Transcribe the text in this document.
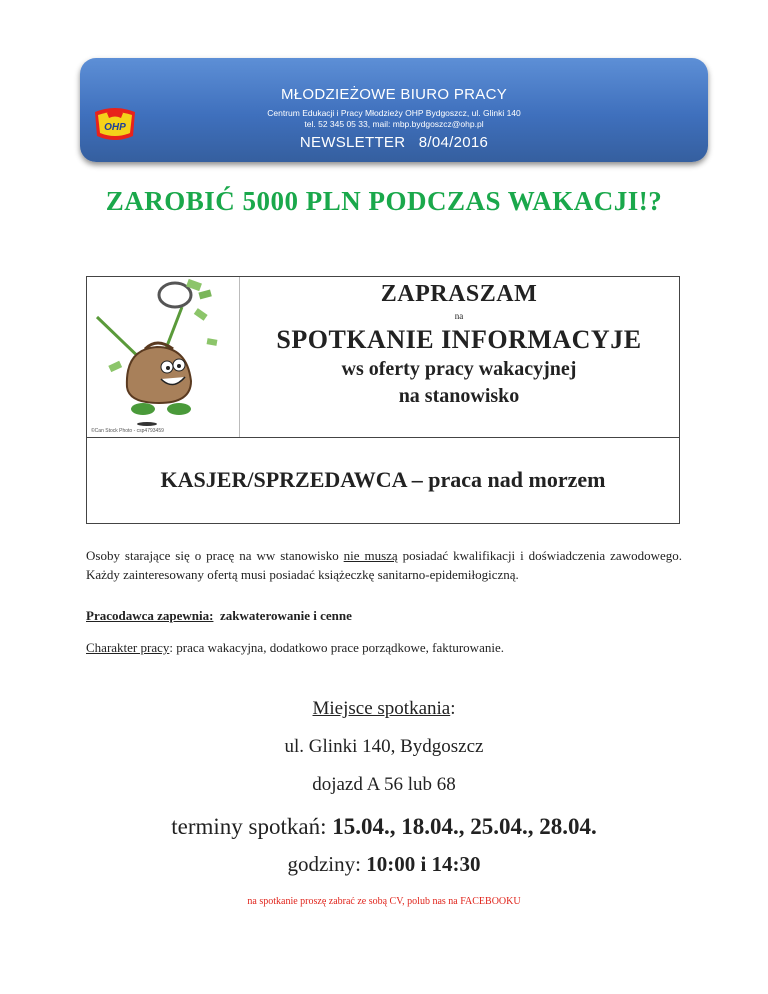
OHP
MŁODZIEŻOWE BIURO PRACY
Centrum Edukacji i Pracy Młodzieży OHP Bydgoszcz, ul. Glinki 140
tel. 52 345 05 33, mail: mbp.bydgoszcz@ohp.pl
NEWSLETTER   8/04/2016
ZAROBIĆ 5000 PLN PODCZAS WAKACJI!?
©Can Stock Photo - csp4793459
ZAPRASZAM
na
SPOTKANIE INFORMACYJE
ws oferty pracy wakacyjnej
na stanowisko
KASJER/SPRZEDAWCA – praca nad morzem
Osoby starające się o pracę na ww stanowisko nie muszą posiadać kwalifikacji i doświadczenia zawodowego. Każdy zainteresowany ofertą musi posiadać książeczkę sanitarno-epidemiłogiczną.
Pracodawca zapewnia:  zakwaterowanie i cenne
Charakter pracy: praca wakacyjna, dodatkowo prace porządkowe, fakturowanie.
Miejsce spotkania:
ul. Glinki 140, Bydgoszcz
dojazd A 56 lub 68
terminy spotkań: 15.04., 18.04., 25.04., 28.04.
godziny: 10:00 i 14:30
na spotkanie proszę zabrać ze sobą CV, polub nas na FACEBOOKU
